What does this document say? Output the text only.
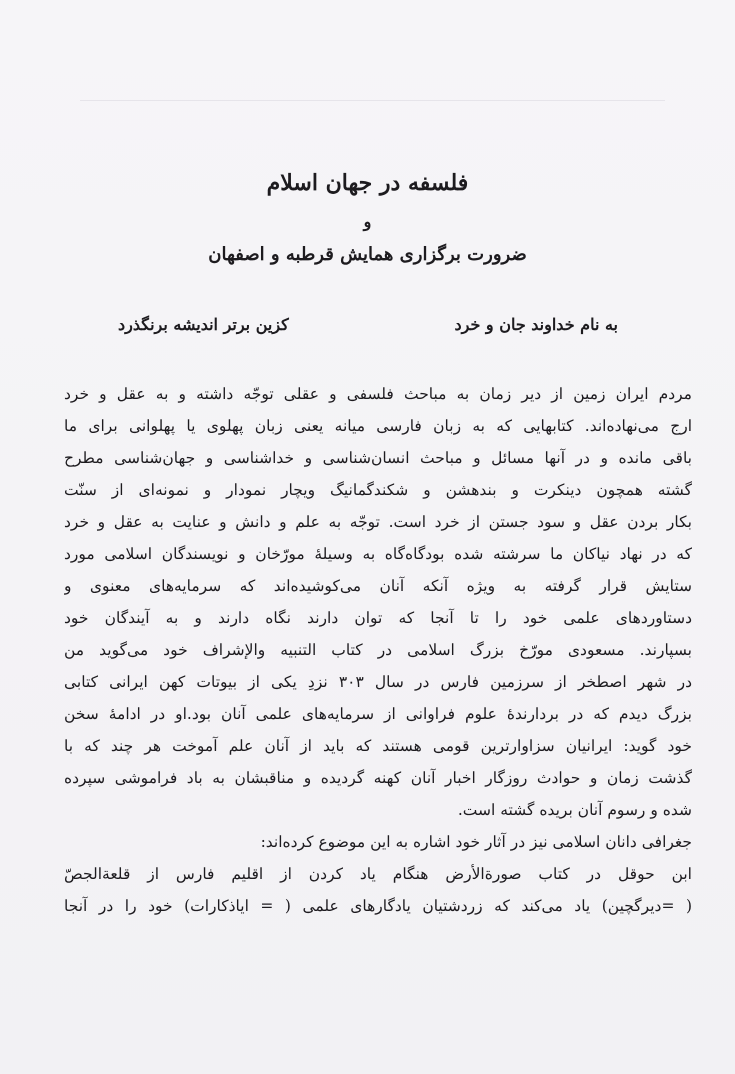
فلسفه در جهان اسلام
و
ضرورت برگزاری همایش قرطبه و اصفهان
به نام خداوند جان و خرد
کزین برتر اندیشه برنگذرد
مردم ایران زمین از دیر زمان به مباحث فلسفی و عقلی توجّه داشته و به عقل و خرد
ارج می‌نهاده‌اند. کتابهایی که به زبان فارسی میانه یعنی زبان پهلوی یا پهلوانی برای ما
باقی مانده و در آنها مسائل و مباحث انسان‌شناسی و خداشناسی و جهان‌شناسی مطرح
گشته همچون دینکرت و بندهشن و شکندگمانیگ ویچار نمودار و نمونه‌ای از سنّت
بکار بردن عقل و سود جستن از خرد است. توجّه به علم و دانش و عنایت به عقل و خرد
که در نهاد نیاکان ما سرشته شده بودگاه‌گاه به وسیلهٔ مورّخان و نویسندگان اسلامی مورد
ستایش قرار گرفته به ویژه آنکه آنان می‌کوشیده‌اند که سرمایه‌های معنوی و
دستاوردهای علمی خود را تا آنجا که توان دارند نگاه دارند و به آیندگان خود
بسپارند. مسعودی مورّخ بزرگ اسلامی در کتاب التنبیه والإشراف خود می‌گوید من
در شهر اصطخر از سرزمین فارس در سال ۳۰۳ نزدِ یکی از بیوتات کهن ایرانی کتابی
بزرگ دیدم که در بردارندهٔ علوم فراوانی از سرمایه‌های علمی آنان بود.او در ادامهٔ سخن
خود گوید: ایرانیان سزاوارترین قومی هستند که باید از آنان علم آموخت هر چند که با
گذشت زمان و حوادث روزگار اخبار آنان کهنه گردیده و مناقبشان به باد فراموشی سپرده
شده و رسوم آنان بریده گشته است.
جغرافی دانان اسلامی نیز در آثار خود اشاره به این موضوع کرده‌اند:
ابن حوقل در کتاب صورة‌الأرض هنگام یاد کردن از اقلیم فارس از قلعة‌الجصّ
( =دیرگچین) یاد می‌کند که زردشتیان یادگارهای علمی ( = ایاذکارات) خود را در آنجا
